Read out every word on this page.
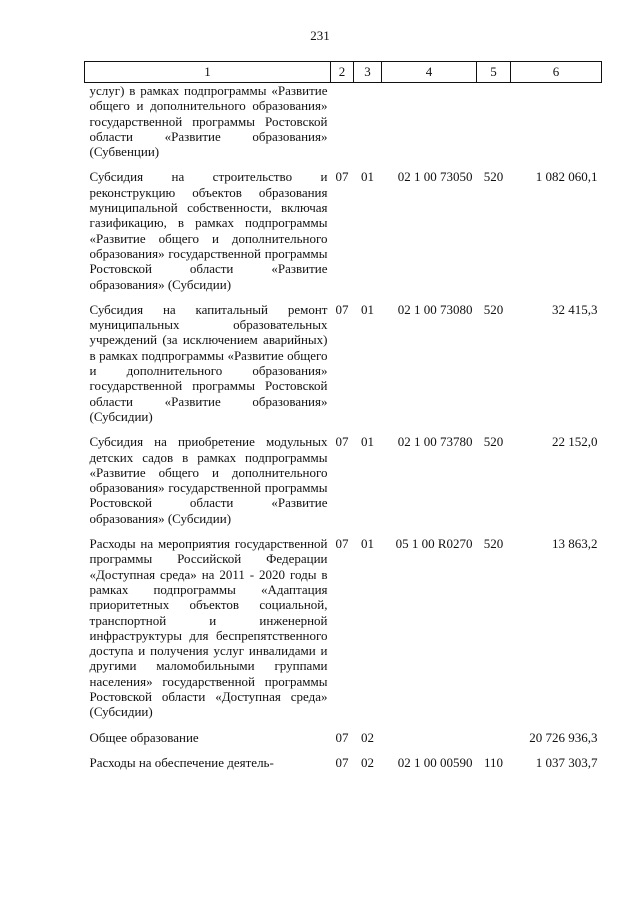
231
1	2	3	4	5	6
услуг) в рамках подпрограммы «Развитие общего и дополнительного образования» государственной программы Ростовской области «Развитие образования» (Субвенции)					
Субсидия на строительство и реконструкцию объектов образования муниципальной собственности, включая газификацию, в рамках подпрограммы «Развитие общего и дополнительного образования» государственной программы Ростовской области «Развитие образования» (Субсидии)	07	01	02 1 00 73050	520	1 082 060,1
Субсидия на капитальный ремонт муниципальных образовательных учреждений (за исключением аварийных) в рамках подпрограммы «Развитие общего и дополнительного образования» государственной программы Ростовской области «Развитие образования» (Субсидии)	07	01	02 1 00 73080	520	32 415,3
Субсидия на приобретение модульных детских садов в рамках подпрограммы «Развитие общего и дополнительного образования» государственной программы Ростовской области «Развитие образования» (Субсидии)	07	01	02 1 00 73780	520	22 152,0
Расходы на мероприятия государственной программы Российской Федерации «Доступная среда» на 2011 - 2020 годы в рамках подпрограммы «Адаптация приоритетных объектов социальной, транспортной и инженерной инфраструктуры для беспрепятственного доступа и получения услуг инвалидами и другими маломобильными группами населения» государственной программы Ростовской области «Доступная среда» (Субсидии)	07	01	05 1 00 R0270	520	13 863,2
Общее образование	07	02			20 726 936,3
Расходы на обеспечение деятель-	07	02	02 1 00 00590	110	1 037 303,7
